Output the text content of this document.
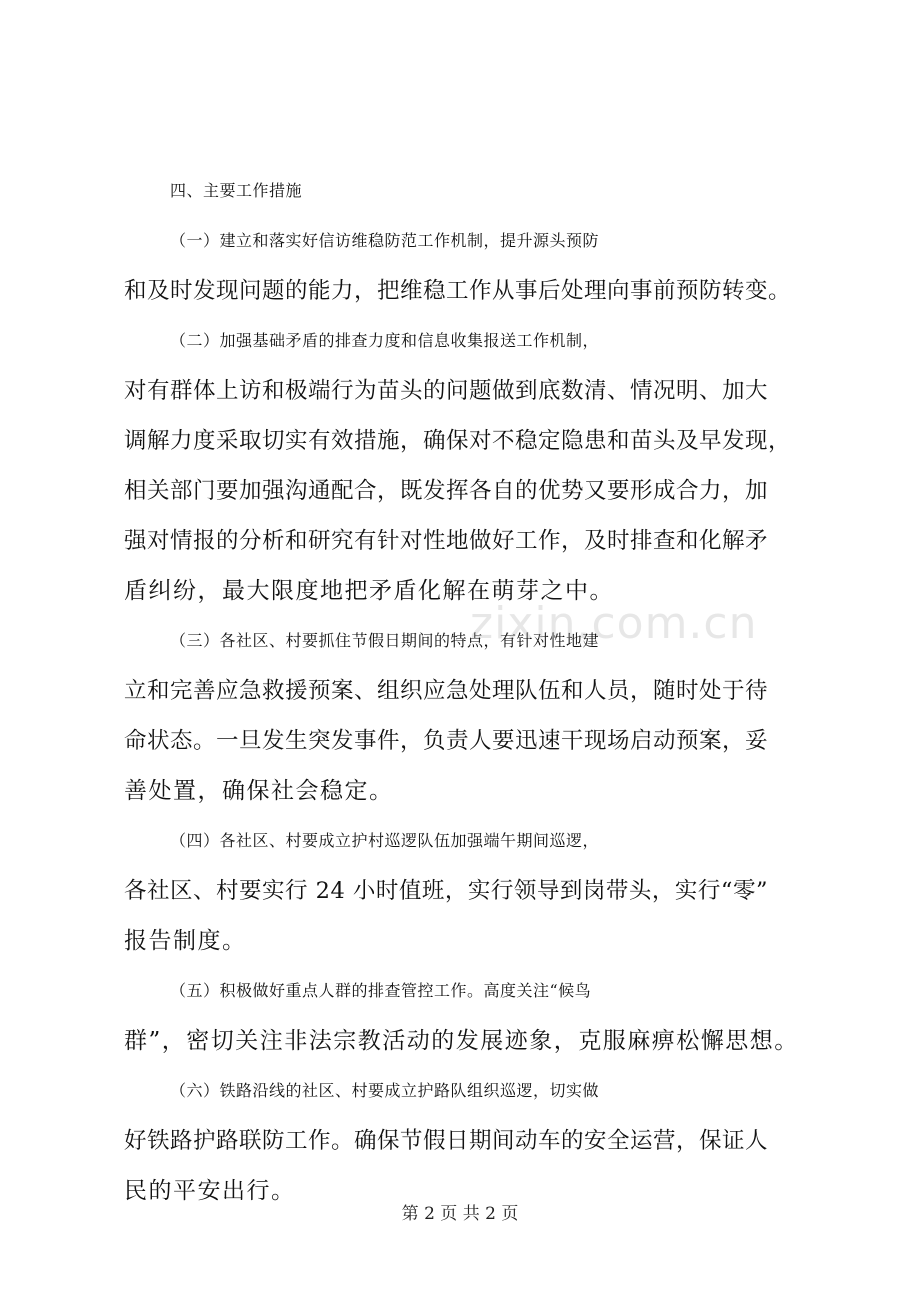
四、主要工作措施
（一）建立和落实好信访维稳防范工作机制，提升源头预防
和及时发现问题的能力，把维稳工作从事后处理向事前预防转变。
（二）加强基础矛盾的排查力度和信息收集报送工作机制，
对有群体上访和极端行为苗头的问题做到底数清、情况明、加大
调解力度采取切实有效措施，确保对不稳定隐患和苗头及早发现，
相关部门要加强沟通配合，既发挥各自的优势又要形成合力，加
强对情报的分析和研究有针对性地做好工作，及时排查和化解矛
盾纠纷，最大限度地把矛盾化解在萌芽之中。
（三）各社区、村要抓住节假日期间的特点，有针对性地建
立和完善应急救援预案、组织应急处理队伍和人员，随时处于待
命状态。一旦发生突发事件，负责人要迅速干现场启动预案，妥
善处置，确保社会稳定。
（四）各社区、村要成立护村巡逻队伍加强端午期间巡逻，
各社区、村要实行 24 小时值班，实行领导到岗带头，实行“零”
报告制度。
（五）积极做好重点人群的排查管控工作。高度关注“候鸟
群”，密切关注非法宗教活动的发展迹象，克服麻痹松懈思想。
（六）铁路沿线的社区、村要成立护路队组织巡逻，切实做
好铁路护路联防工作。确保节假日期间动车的安全运营，保证人
民的平安出行。
zixin.com.cn
第 2 页 共 2 页
